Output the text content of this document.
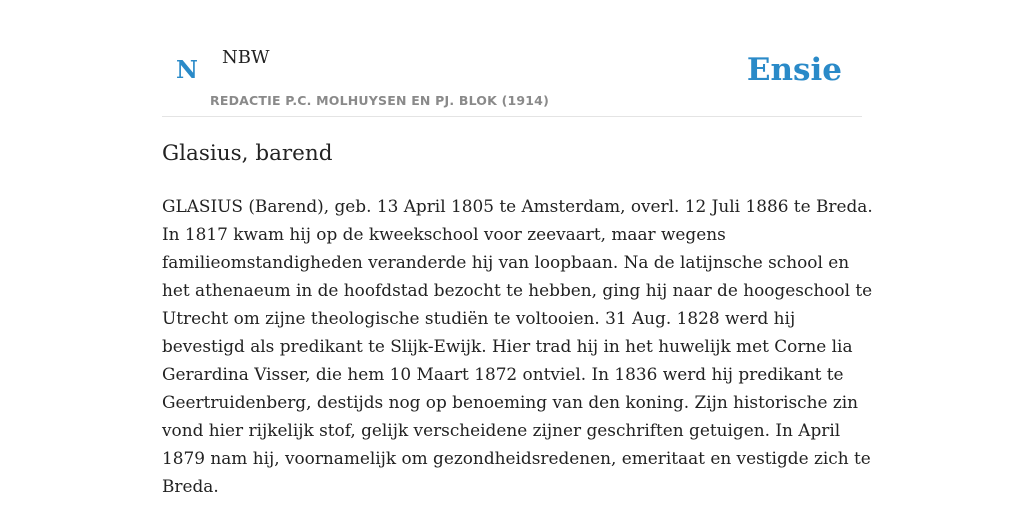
N NBW
REDACTIE P.C. MOLHUYSEN EN PJ. BLOK (1914)
Ensie
Glasius, barend
GLASIUS (Barend), geb. 13 April 1805 te Amsterdam, overl. 12 Juli 1886 te Breda.
In 1817 kwam hij op de kweekschool voor zeevaart, maar wegens
familieomstandigheden veranderde hij van loopbaan. Na de latijnsche school en
het athenaeum in de hoofdstad bezocht te hebben, ging hij naar de hoogeschool te
Utrecht om zijne theologische studiën te voltooien. 31 Aug. 1828 werd hij
bevestigd als predikant te Slijk-Ewijk. Hier trad hij in het huwelijk met Corne lia
Gerardina Visser, die hem 10 Maart 1872 ontviel. In 1836 werd hij predikant te
Geertruidenberg, destijds nog op benoeming van den koning. Zijn historische zin
vond hier rijkelijk stof, gelijk verscheidene zijner geschriften getuigen. In April
1879 nam hij, voornamelijk om gezondheidsredenen, emeritaat en vestigde zich te
Breda.
